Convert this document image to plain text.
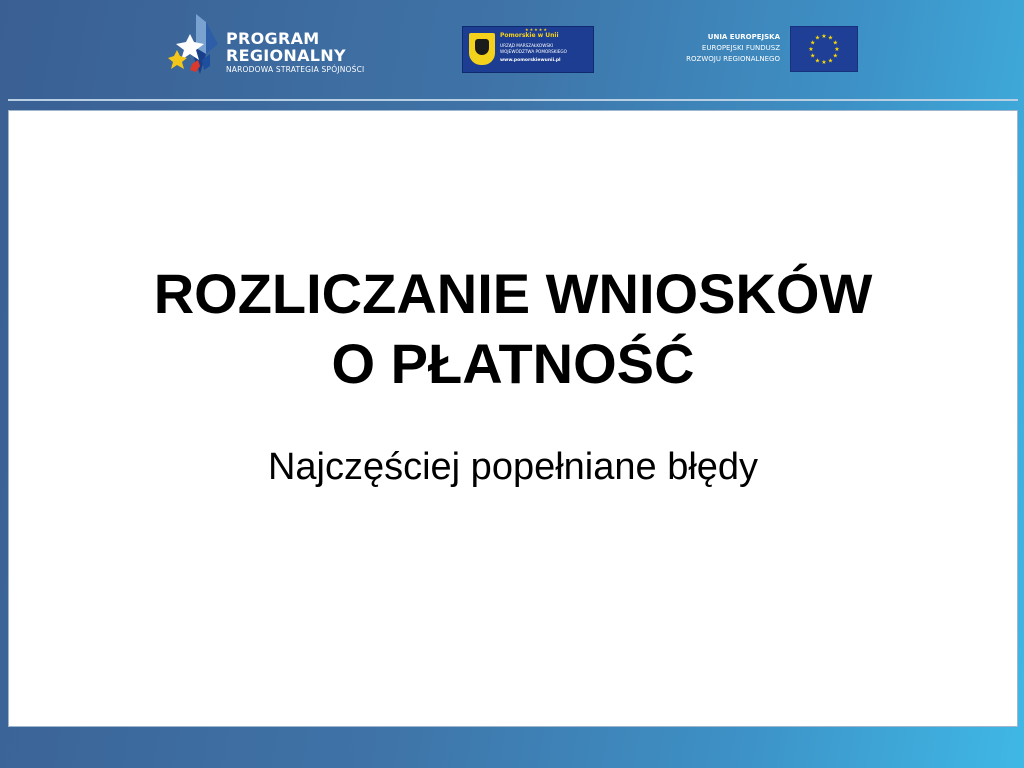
PROGRAM
REGIONALNY
NARODOWA STRATEGIA SPÓJNOŚCI
★★★★★
Pomorskie w Unii
URZĄD MARSZAŁKOWSKI
WOJEWÓDZTWA POMORSKIEGO
www.pomorskiewunii.pl
UNIA EUROPEJSKA
EUROPEJSKI FUNDUSZ
ROZWOJU REGIONALNEGO
★ ★
★
★
★
★
★
★
★
★
★
★
ROZLICZANIE WNIOSKÓW
O PŁATNOŚĆ
Najczęściej popełniane błędy
